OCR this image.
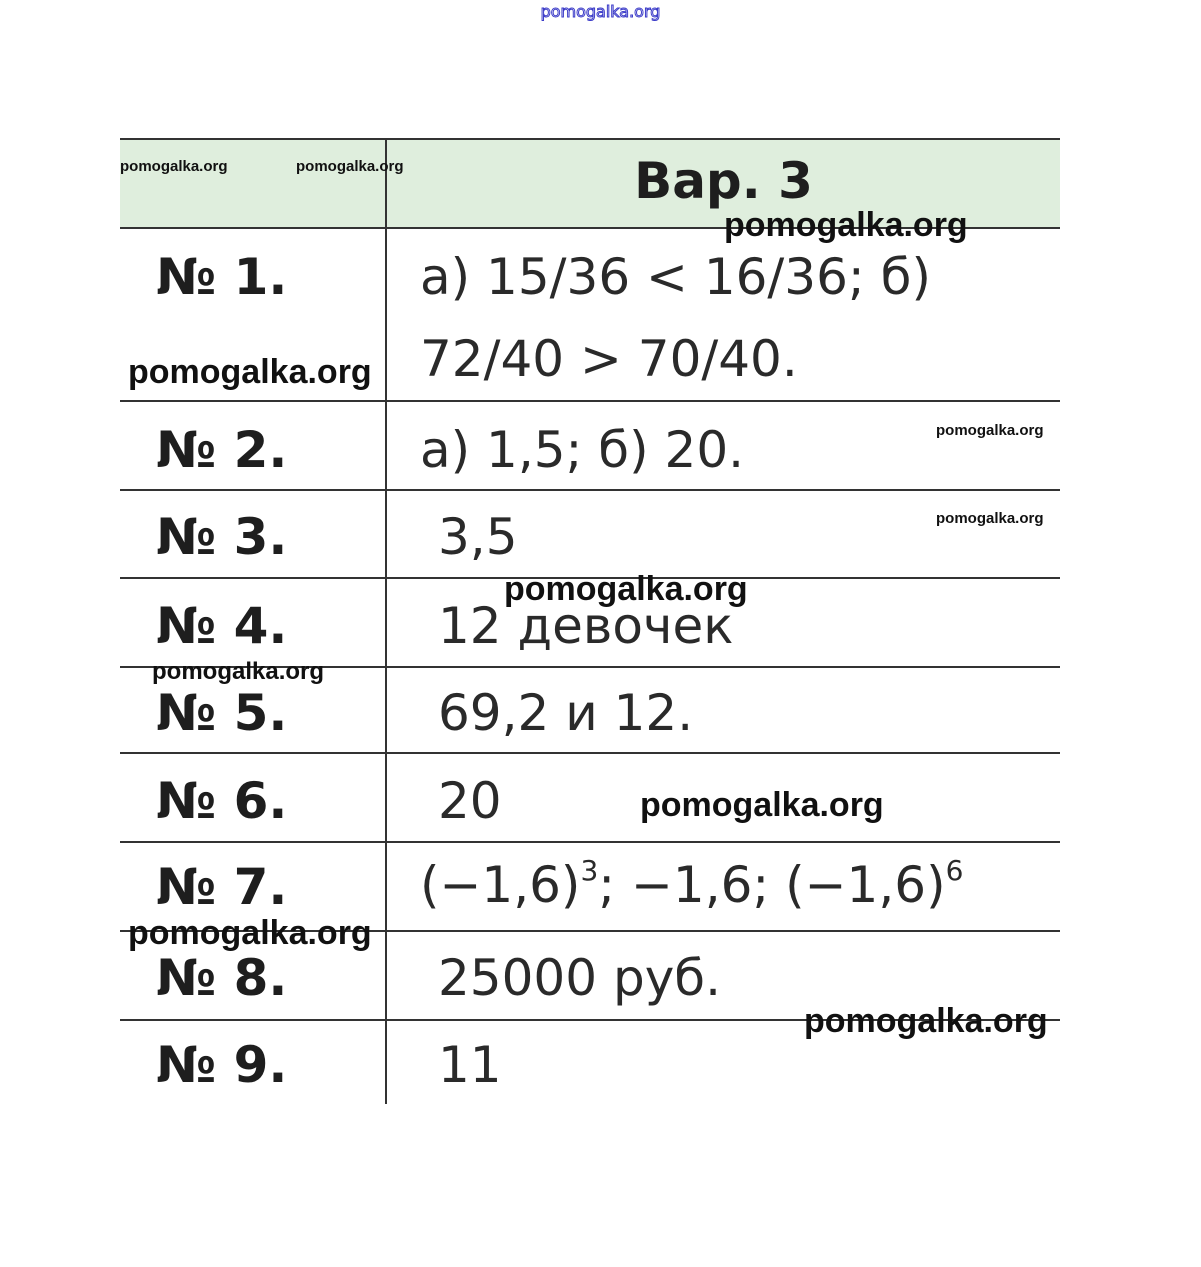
pomogalka.org
Вар. 3
№ 1.	а) 15/36 < 16/36; б)
72/40 > 70/40.
№ 2.	а) 1,5; б) 20.
№ 3.	3,5
№ 4.	12 девочек
№ 5.	69,2 и 12.
№ 6.	20
№ 7.	$(-1,6)^3$; −1,6; $(-1,6)^6$
№ 8.	25000 руб.
№ 9.	11
pomogalka.org	pomogalka.org
pomogalka.org
pomogalka.org
pomogalka.org
pomogalka.org
pomogalka.org
pomogalka.org
pomogalka.org
pomogalka.org
pomogalka.org
